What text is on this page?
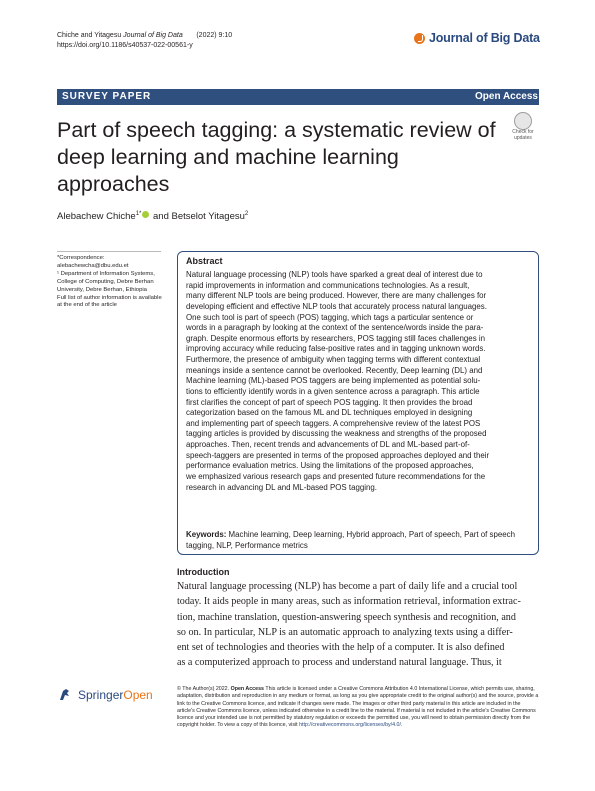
Chiche and Yitagesu Journal of Big Data (2022) 9:10
https://doi.org/10.1186/s40537-022-00561-y	Journal of Big Data
SURVEY PAPER	Open Access
Part of speech tagging: a systematic review of deep learning and machine learning approaches
Check for
updates
Alebachew Chiche$^{1*}$ and Betselot Yitagesu$^2$

*Correspondence:

alebachewcha@dbu.edu.et

¹ Department of Information Systems, College of Computing, Debre Berhan University, Debre Berhan, Ethiopia

Full list of author information is available at the end of the article

Abstract
Natural language processing (NLP) tools have sparked a great deal of interest due to
rapid improvements in information and communications technologies. As a result,
many different NLP tools are being produced. However, there are many challenges for
developing efficient and effective NLP tools that accurately process natural languages.
One such tool is part of speech (POS) tagging, which tags a particular sentence or
words in a paragraph by looking at the context of the sentence/words inside the para-
graph. Despite enormous efforts by researchers, POS tagging still faces challenges in
improving accuracy while reducing false-positive rates and in tagging unknown words.
Furthermore, the presence of ambiguity when tagging terms with different contextual
meanings inside a sentence cannot be overlooked. Recently, Deep learning (DL) and
Machine learning (ML)-based POS taggers are being implemented as potential solu-
tions to efficiently identify words in a given sentence across a paragraph. This article
first clarifies the concept of part of speech POS tagging. It then provides the broad
categorization based on the famous ML and DL techniques employed in designing
and implementing part of speech taggers. A comprehensive review of the latest POS
tagging articles is provided by discussing the weakness and strengths of the proposed
approaches. Then, recent trends and advancements of DL and ML-based part-of-
speech-taggers are presented in terms of the proposed approaches deployed and their
performance evaluation metrics. Using the limitations of the proposed approaches,
we emphasized various research gaps and presented future recommendations for the
research in advancing DL and ML-based POS tagging.
Keywords: Machine learning, Deep learning, Hybrid approach, Part of speech, Part of speech tagging, NLP, Performance metrics
Introduction
Natural language processing (NLP) has become a part of daily life and a crucial tool
today. It aids people in many areas, such as information retrieval, information extrac-
tion, machine translation, question-answering speech synthesis and recognition, and
so on. In particular, NLP is an automatic approach to analyzing texts using a differ-
ent set of technologies and theories with the help of a computer. It is also defined
as a computerized approach to process and understand natural language. Thus, it
SpringerOpen	© The Author(s) 2022. Open Access This article is licensed under a Creative Commons Attribution 4.0 International License, which permits use, sharing, adaptation, distribution and reproduction in any medium or format, as long as you give appropriate credit to the original author(s) and the source, provide a link to the Creative Commons licence, and indicate if changes were made. The images or other third party material in this article are included in the article's Creative Commons licence, unless indicated otherwise in a credit line to the material. If material is not included in the article's Creative Commons licence and your intended use is not permitted by statutory regulation or exceeds the permitted use, you will need to obtain permission directly from the copyright holder. To view a copy of this licence, visit http://creativecommons.org/licenses/by/4.0/.
